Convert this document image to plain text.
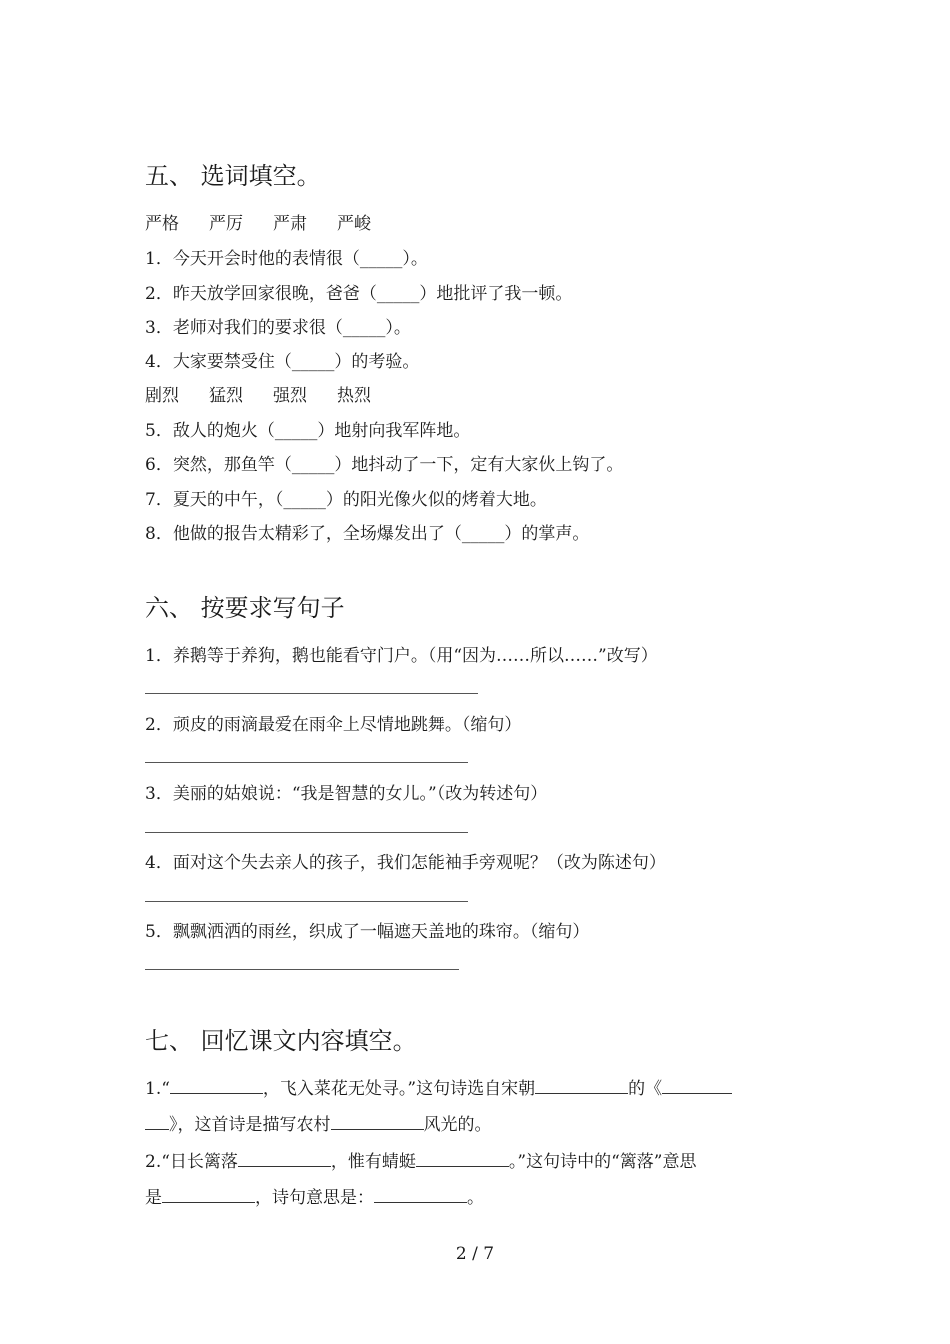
五、 选词填空。
严格 严厉 严肃 严峻
1．今天开会时他的表情很（_____）。
2．昨天放学回家很晚，爸爸（_____）地批评了我一顿。
3．老师对我们的要求很（_____）。
4．大家要禁受住（_____）的考验。
剧烈 猛烈 强烈 热烈
5．敌人的炮火（_____）地射向我军阵地。
6．突然，那鱼竿（_____）地抖动了一下，定有大家伙上钩了。
7．夏天的中午，（_____）的阳光像火似的烤着大地。
8．他做的报告太精彩了，全场爆发出了（_____）的掌声。
六、 按要求写句子
1．养鹅等于养狗，鹅也能看守门户。（用“因为……所以……”改写）
2．顽皮的雨滴最爱在雨伞上尽情地跳舞。（缩句）
3．美丽的姑娘说：“我是智慧的女儿。”（改为转述句）
4．面对这个失去亲人的孩子，我们怎能袖手旁观呢？（改为陈述句）
5．飘飘洒洒的雨丝，织成了一幅遮天盖地的珠帘。（缩句）
七、 回忆课文内容填空。
1.“	，飞入菜花无处寻。”这句诗选自宋朝	的《
》，这首诗是描写农村	风光的。
2.“日长篱落	，惟有蜻蜓	。”这句诗中的“篱落”意思
是	，诗句意思是：	。
2 / 7
